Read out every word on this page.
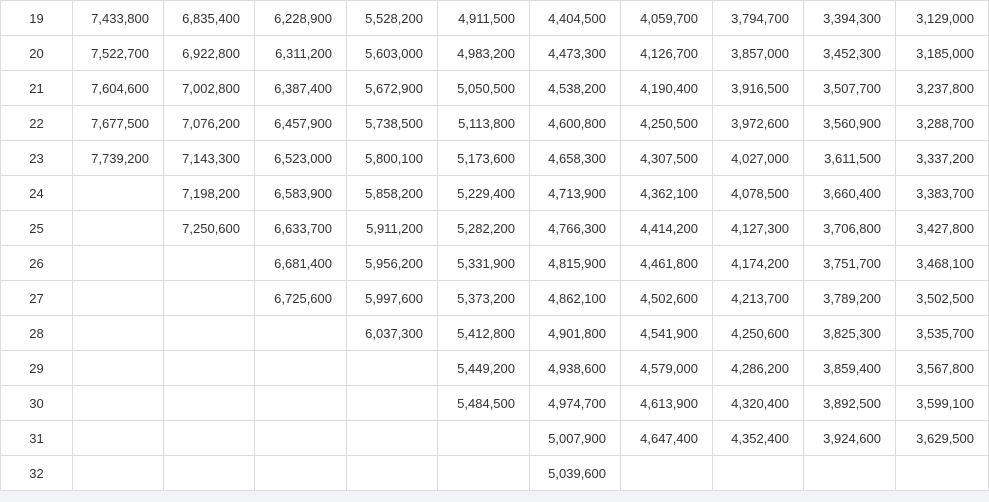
19	7,433,800	6,835,400	6,228,900	5,528,200	4,911,500	4,404,500	4,059,700	3,794,700	3,394,300	3,129,000
20	7,522,700	6,922,800	6,311,200	5,603,000	4,983,200	4,473,300	4,126,700	3,857,000	3,452,300	3,185,000
21	7,604,600	7,002,800	6,387,400	5,672,900	5,050,500	4,538,200	4,190,400	3,916,500	3,507,700	3,237,800
22	7,677,500	7,076,200	6,457,900	5,738,500	5,113,800	4,600,800	4,250,500	3,972,600	3,560,900	3,288,700
23	7,739,200	7,143,300	6,523,000	5,800,100	5,173,600	4,658,300	4,307,500	4,027,000	3,611,500	3,337,200
24		7,198,200	6,583,900	5,858,200	5,229,400	4,713,900	4,362,100	4,078,500	3,660,400	3,383,700
25		7,250,600	6,633,700	5,911,200	5,282,200	4,766,300	4,414,200	4,127,300	3,706,800	3,427,800
26			6,681,400	5,956,200	5,331,900	4,815,900	4,461,800	4,174,200	3,751,700	3,468,100
27			6,725,600	5,997,600	5,373,200	4,862,100	4,502,600	4,213,700	3,789,200	3,502,500
28				6,037,300	5,412,800	4,901,800	4,541,900	4,250,600	3,825,300	3,535,700
29					5,449,200	4,938,600	4,579,000	4,286,200	3,859,400	3,567,800
30					5,484,500	4,974,700	4,613,900	4,320,400	3,892,500	3,599,100
31						5,007,900	4,647,400	4,352,400	3,924,600	3,629,500
32						5,039,600				
